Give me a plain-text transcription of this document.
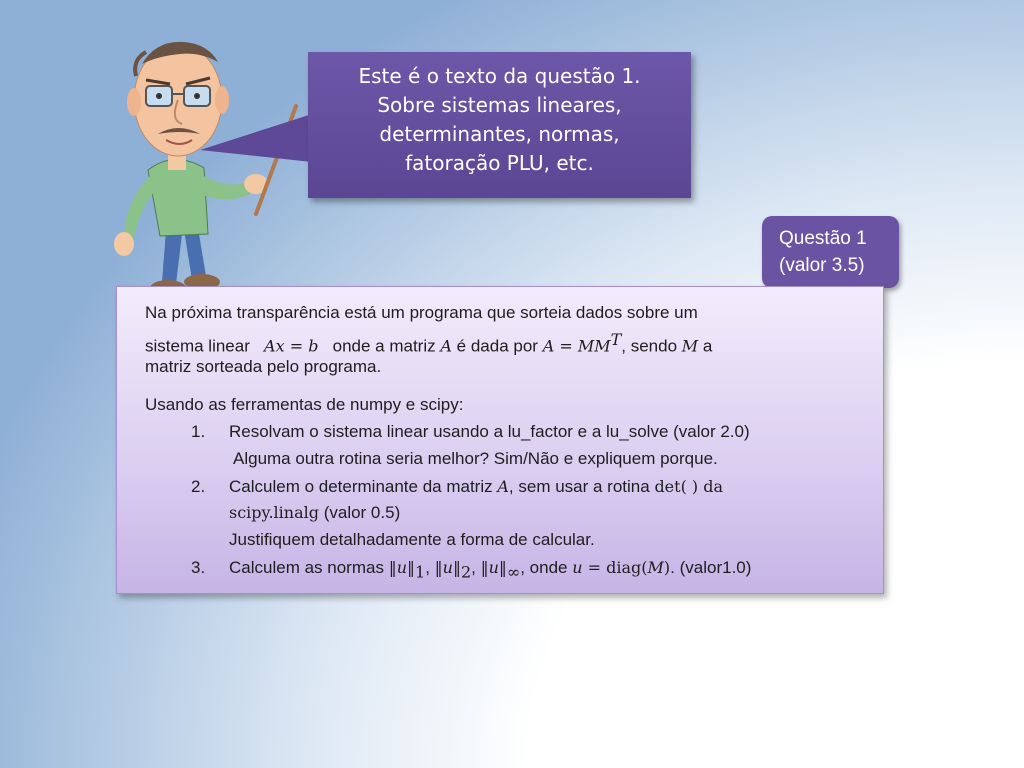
Este é o texto da questão 1.
Sobre sistemas lineares,
determinantes, normas,
fatoração PLU, etc.
Questão 1
(valor 3.5)
Na próxima transparência está um programa que sorteia dados sobre um
sistema linear Ax = b onde a matriz A é dada por $A = MM^T$, sendo M a
matriz sorteada pelo programa.
Usando as ferramentas de numpy e scipy:
1. Resolvam o sistema linear usando a lu_factor e a lu_solve (valor 2.0)
Alguma outra rotina seria melhor? Sim/Não e expliquem porque.
2. Calculem o determinante da matriz A, sem usar a rotina det( ) da
scipy.linalg (valor 0.5)
Justifiquem detalhadamente a forma de calcular.
3. Calculem as normas $‖u‖_1$, $‖u‖_2$, $‖u‖_\infty$, onde u = diag(M). (valor1.0)
